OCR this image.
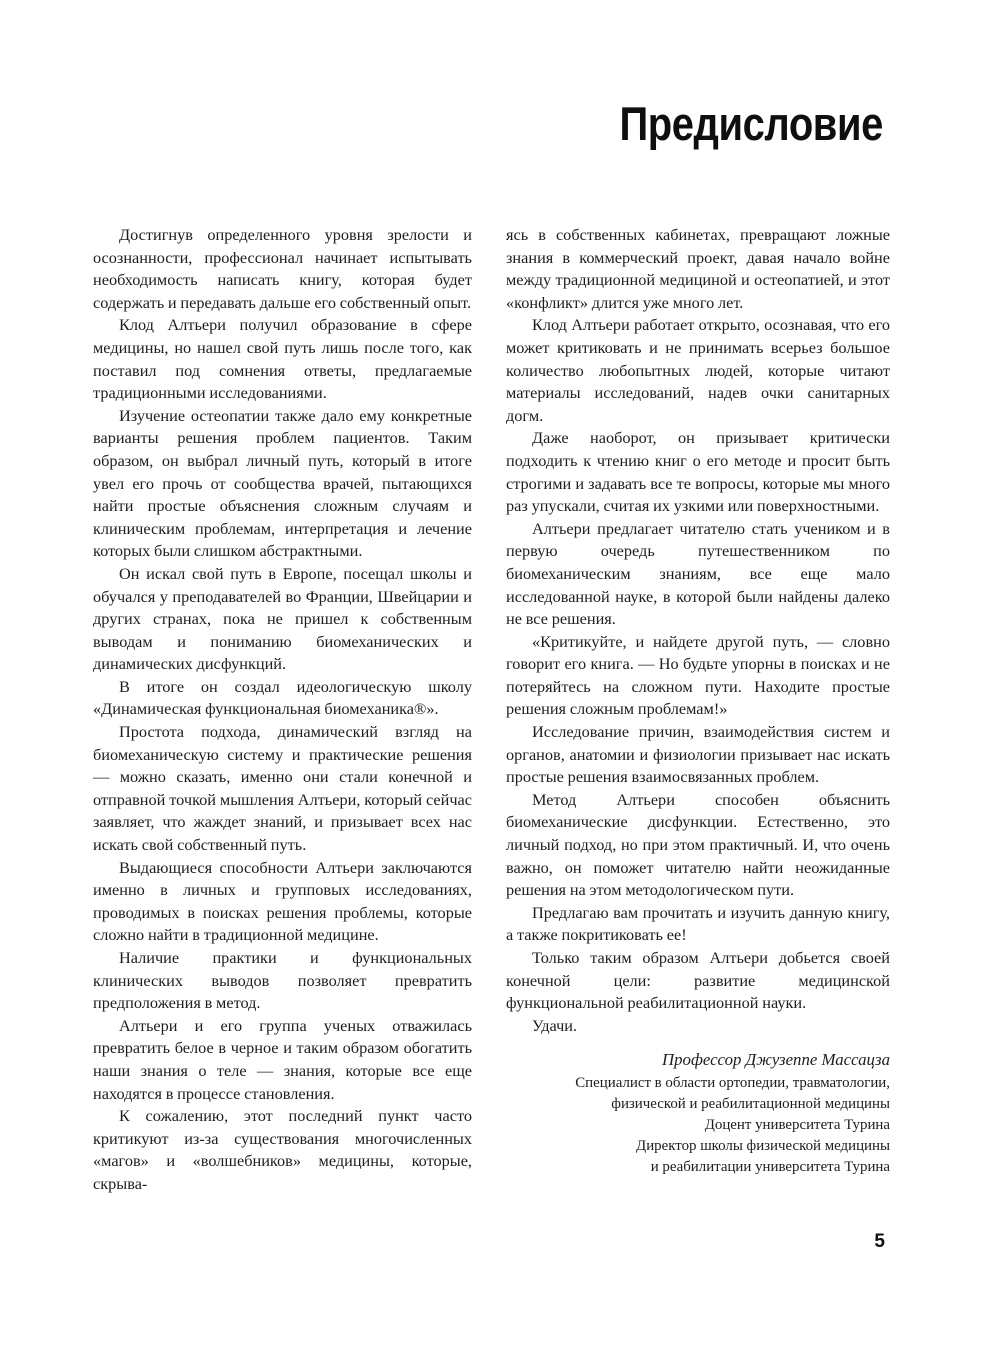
Предисловие

Достигнув определенного уровня зрелости и осознанности, профессионал начинает испытывать необходимость написать книгу, которая будет содержать и передавать дальше его собственный опыт.

Клод Алтьери получил образование в сфере медицины, но нашел свой путь лишь после того, как поставил под сомнения ответы, предлагаемые традиционными исследованиями.

Изучение остеопатии также дало ему конкретные варианты решения проблем пациентов. Таким образом, он выбрал личный путь, который в итоге увел его прочь от сообщества врачей, пытающихся найти простые объяснения сложным случаям и клиническим проблемам, интерпретация и лечение которых были слишком абстрактными.

Он искал свой путь в Европе, посещал школы и обучался у преподавателей во Франции, Швейцарии и других странах, пока не пришел к собственным выводам и пониманию биомеханических и динамических дисфункций.

В итоге он создал идеологическую школу «Динамическая функциональная биомеханика®».

Простота подхода, динамический взгляд на биомеханическую систему и практические решения — можно сказать, именно они стали конечной и отправной точкой мышления Алтьери, который сейчас заявляет, что жаждет знаний, и призывает всех нас искать свой собственный путь.

Выдающиеся способности Алтьери заключаются именно в личных и групповых исследованиях, проводимых в поисках решения проблемы, которые сложно найти в традиционной медицине.

Наличие практики и функциональных клинических выводов позволяет превратить предположения в метод.

Алтьери и его группа ученых отважилась превратить белое в черное и таким образом обогатить наши знания о теле — знания, которые все еще находятся в процессе становления.

К сожалению, этот последний пункт часто критикуют из-за существования многочисленных «магов» и «волшебников» медицины, которые, скрыва-

ясь в собственных кабинетах, превращают ложные знания в коммерческий проект, давая начало войне между традиционной медициной и остеопатией, и этот «конфликт» длится уже много лет.

Клод Алтьери работает открыто, осознавая, что его может критиковать и не принимать всерьез большое количество любопытных людей, которые читают материалы исследований, надев очки санитарных догм.

Даже наоборот, он призывает критически подходить к чтению книг о его методе и просит быть строгими и задавать все те вопросы, которые мы много раз упускали, считая их узкими или поверхностными.

Алтьери предлагает читателю стать учеником и в первую очередь путешественником по биомеханическим знаниям, все еще мало исследованной науке, в которой были найдены далеко не все решения.

«Критикуйте, и найдете другой путь, — словно говорит его книга. — Но будьте упорны в поисках и не потеряйтесь на сложном пути. Находите простые решения сложным проблемам!»

Исследование причин, взаимодействия систем и органов, анатомии и физиологии призывает нас искать простые решения взаимосвязанных проблем.

Метод Алтьери способен объяснить биомеханические дисфункции. Естественно, это личный подход, но при этом практичный. И, что очень важно, он поможет читателю найти неожиданные решения на этом методологическом пути.

Предлагаю вам прочитать и изучить данную книгу, а также покритиковать ее!

Только таким образом Алтьери добьется своей конечной цели: развитие медицинской функциональной реабилитационной науки.

Удачи.

Профессор Джузеппе Массацза

Специалист в области ортопедии, травматологии,

физической и реабилитационной медицины

Доцент университета Турина

Директор школы физической медицины

и реабилитации университета Турина

5
